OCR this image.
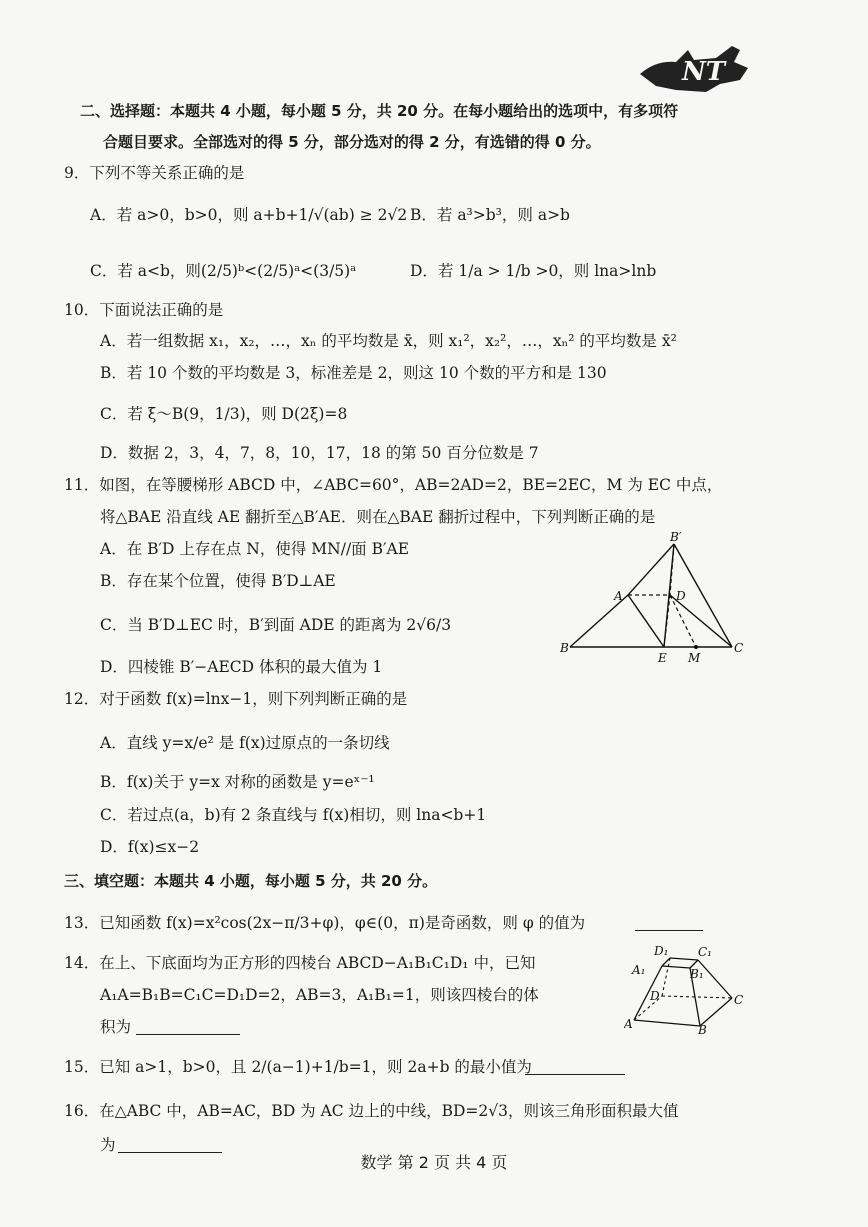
NT
二、选择题：本题共 4 小题，每小题 5 分，共 20 分。在每小题给出的选项中，有多项符
合题目要求。全部选对的得 5 分，部分选对的得 2 分，有选错的得 0 分。
9．下列不等关系正确的是
A．若 a>0，b>0，则 a+b+1/√(ab) ≥ 2√2 B．若 a³>b³，则 a>b
C．若 a<b，则(2/5)ᵇ<(2/5)ᵃ<(3/5)ᵃ	D．若 1/a > 1/b >0，则 lna>lnb
10．下面说法正确的是
A．若一组数据 x₁，x₂，…，xₙ 的平均数是 x̄，则 x₁²，x₂²，…，xₙ² 的平均数是 x̄²
B．若 10 个数的平均数是 3，标准差是 2，则这 10 个数的平方和是 130
C．若 ξ～B(9，1/3)，则 D(2ξ)=8
D．数据 2，3，4，7，8，10，17，18 的第 50 百分位数是 7
11．如图，在等腰梯形 ABCD 中，∠ABC=60°，AB=2AD=2，BE=2EC，M 为 EC 中点，
将△BAE 沿直线 AE 翻折至△B′AE．则在△BAE 翻折过程中，下列判断正确的是
A．在 B′D 上存在点 N，使得 MN//面 B′AE
B．存在某个位置，使得 B′D⊥AE
C．当 B′D⊥EC 时，B′到面 ADE 的距离为 2√6/3
D．四棱锥 B′−AECD 体积的最大值为 1
B′
A	D
B
E M
C
12．对于函数 f(x)=lnx−1，则下列判断正确的是
A．直线 y=x/e² 是 f(x)过原点的一条切线
B．f(x)关于 y=x 对称的函数是 y=eˣ⁻¹
C．若过点(a，b)有 2 条直线与 f(x)相切，则 lna<b+1
D．f(x)≤x−2
三、填空题：本题共 4 小题，每小题 5 分，共 20 分。
13．已知函数 f(x)=x²cos(2x−π/3+φ)，φ∈(0，π)是奇函数，则 φ 的值为
14．在上、下底面均为正方形的四棱台 ABCD−A₁B₁C₁D₁ 中，已知
A₁A=B₁B=C₁C=D₁D=2，AB=3，A₁B₁=1，则该四棱台的体
积为
D₁ C₁
A₁	B₁
D	C
A	B
15．已知 a>1，b>0，且 2/(a−1)+1/b=1，则 2a+b 的最小值为
16．在△ABC 中，AB=AC，BD 为 AC 边上的中线，BD=2√3，则该三角形面积最大值
为
数学 第 2 页 共 4 页
